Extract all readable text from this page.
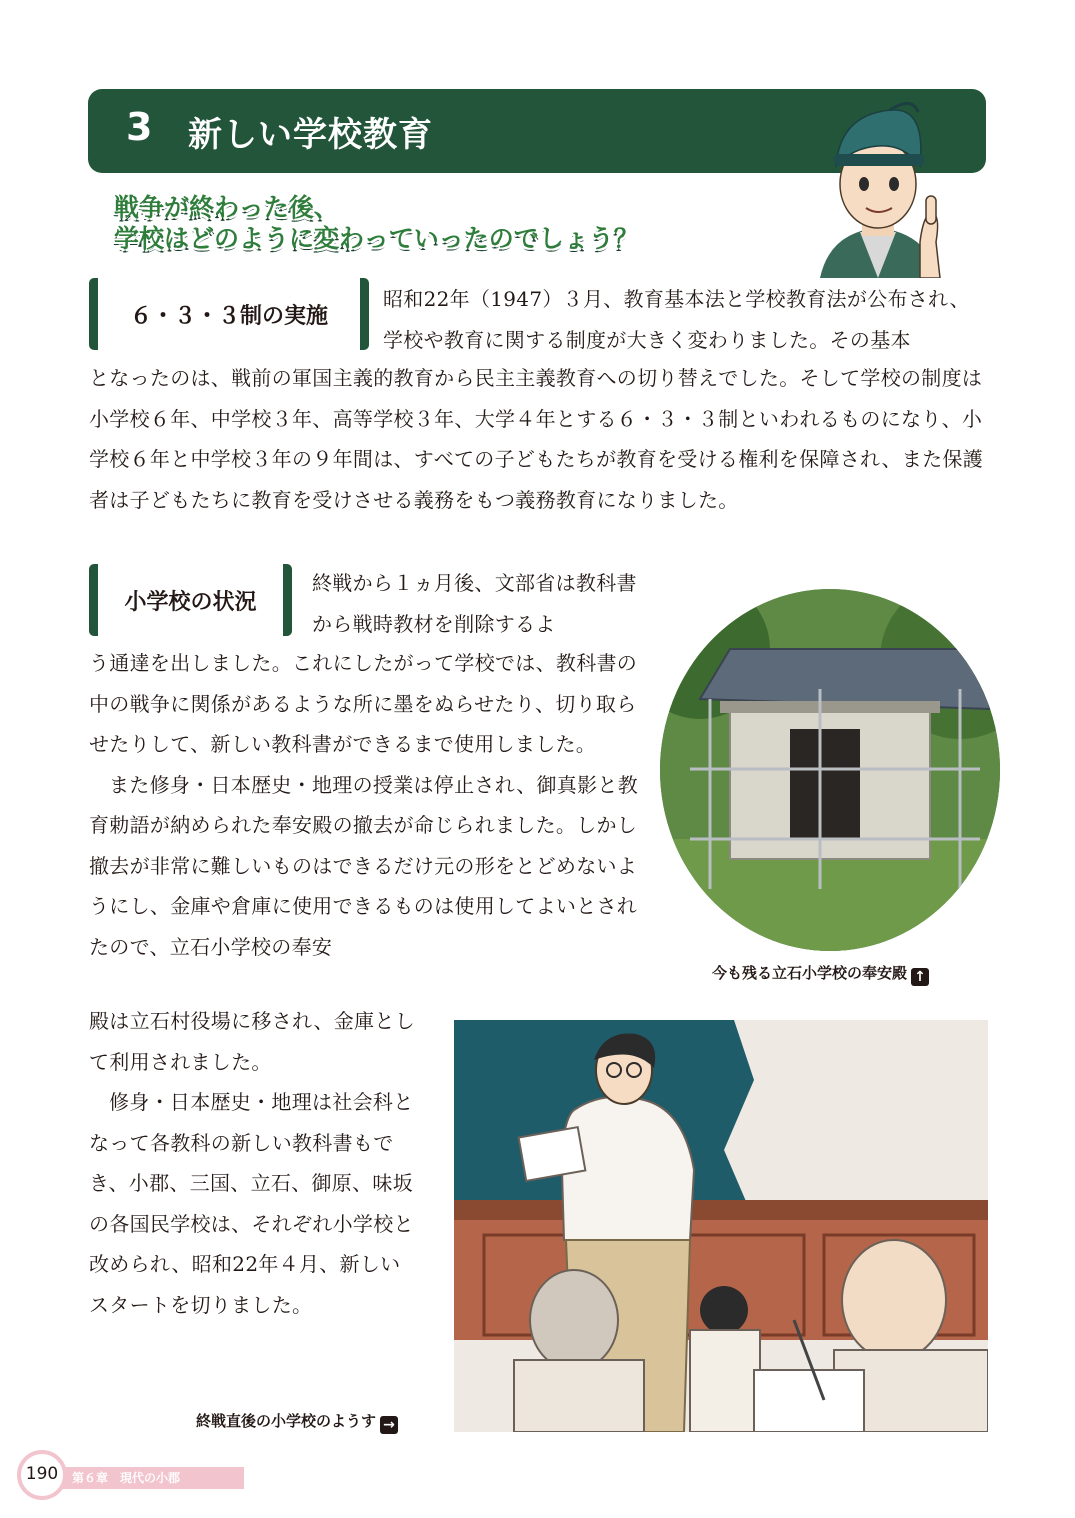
3 新しい学校教育
戦争が終わった後、
学校はどのように変わっていったのでしょう？
６・３・３制の実施

昭和22年（1947）３月、教育基本法と学校教育法が公布され、学校や教育に関する制度が大きく変わりました。その基本

となったのは、戦前の軍国主義的教育から民主主義教育への切り替えでした。そして学校の制度は小学校６年、中学校３年、高等学校３年、大学４年とする６・３・３制といわれるものになり、小学校６年と中学校３年の９年間は、すべての子どもたちが教育を受ける権利を保障され、また保護者は子どもたちに教育を受けさせる義務をもつ義務教育になりました。

小学校の状況

終戦から１ヵ月後、文部省は教科書から戦時教材を削除するよ

う通達を出しました。これにしたがって学校では、教科書の中の戦争に関係があるような所に墨をぬらせたり、切り取らせたりして、新しい教科書ができるまで使用しました。
また修身・日本歴史・地理の授業は停止され、御真影と教育勅語が納められた奉安殿の撤去が命じられました。しかし撤去が非常に難しいものはできるだけ元の形をとどめないようにし、金庫や倉庫に使用できるものは使用してよいとされたので、立石小学校の奉安
殿は立石村役場に移され、金庫として利用されました。
修身・日本歴史・地理は社会科となって各教科の新しい教科書もでき、小郡、三国、立石、御原、味坂の各国民学校は、それぞれ小学校と改められ、昭和22年４月、新しいスタートを切りました。
今も残る立石小学校の奉安殿 ↑
終戦直後の小学校のようす →
第６章　現代の小郡
190
